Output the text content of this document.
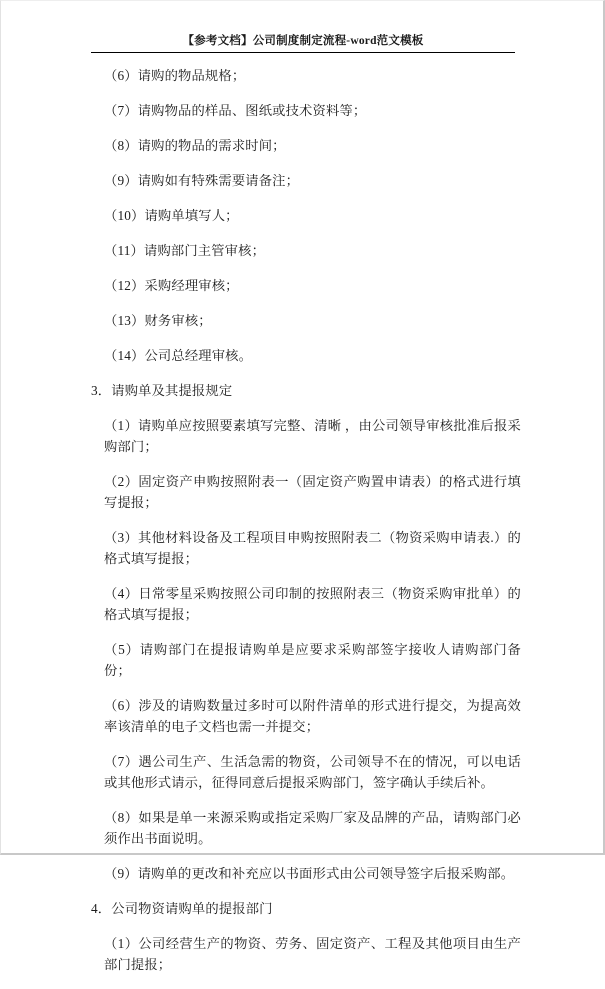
【参考文档】公司制度制定流程-word范文模板

（6）请购的物品规格；

（7）请购物品的样品、图纸或技术资料等；

（8）请购的物品的需求时间；

（9）请购如有特殊需要请备注；

（10）请购单填写人；

（11）请购部门主管审核；

（12）采购经理审核；

（13）财务审核；

（14）公司总经理审核。

3．请购单及其提报规定

（1）请购单应按照要素填写完整、清晰 ，由公司领导审核批准后报采购部门；

（2）固定资产申购按照附表一（固定资产购置申请表）的格式进行填写提报；

（3）其他材料设备及工程项目申购按照附表二（物资采购申请表.）的格式填写提报；

（4）日常零星采购按照公司印制的按照附表三（物资采购审批单）的格式填写提报；

（5）请购部门在提报请购单是应要求采购部签字接收人请购部门备份；

（6）涉及的请购数量过多时可以附件清单的形式进行提交，为提高效率该清单的电子文档也需一并提交；

（7）遇公司生产、生活急需的物资，公司领导不在的情况，可以电话或其他形式请示，征得同意后提报采购部门，签字确认手续后补。

（8）如果是单一来源采购或指定采购厂家及品牌的产品，请购部门必须作出书面说明。

（9）请购单的更改和补充应以书面形式由公司领导签字后报采购部。

4．公司物资请购单的提报部门

（1）公司经营生产的物资、劳务、固定资产、工程及其他项目由生产部门提报；
